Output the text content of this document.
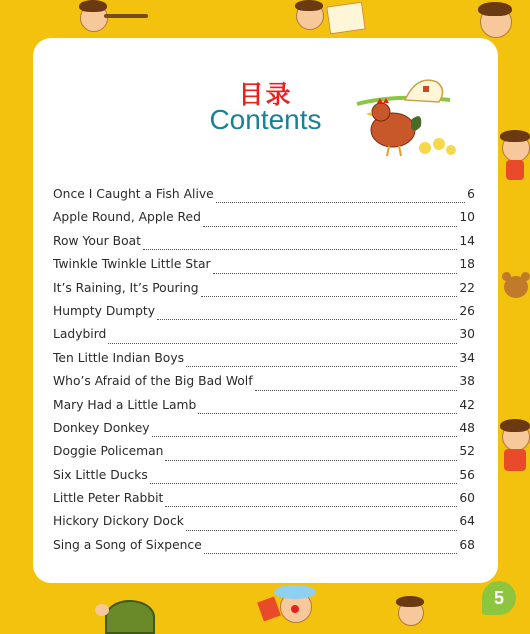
目录
Contents
Once I Caught a Fish Alive	6
Apple Round, Apple Red	10
Row Your Boat	14
Twinkle Twinkle Little Star	18
It’s Raining, It’s Pouring	22
Humpty Dumpty	26
Ladybird	30
Ten Little Indian Boys	34
Who’s Afraid of the Big Bad Wolf	38
Mary Had a Little Lamb	42
Donkey Donkey	48
Doggie Policeman	52
Six Little Ducks	56
Little Peter Rabbit	60
Hickory Dickory Dock	64
Sing a Song of Sixpence	68
5
